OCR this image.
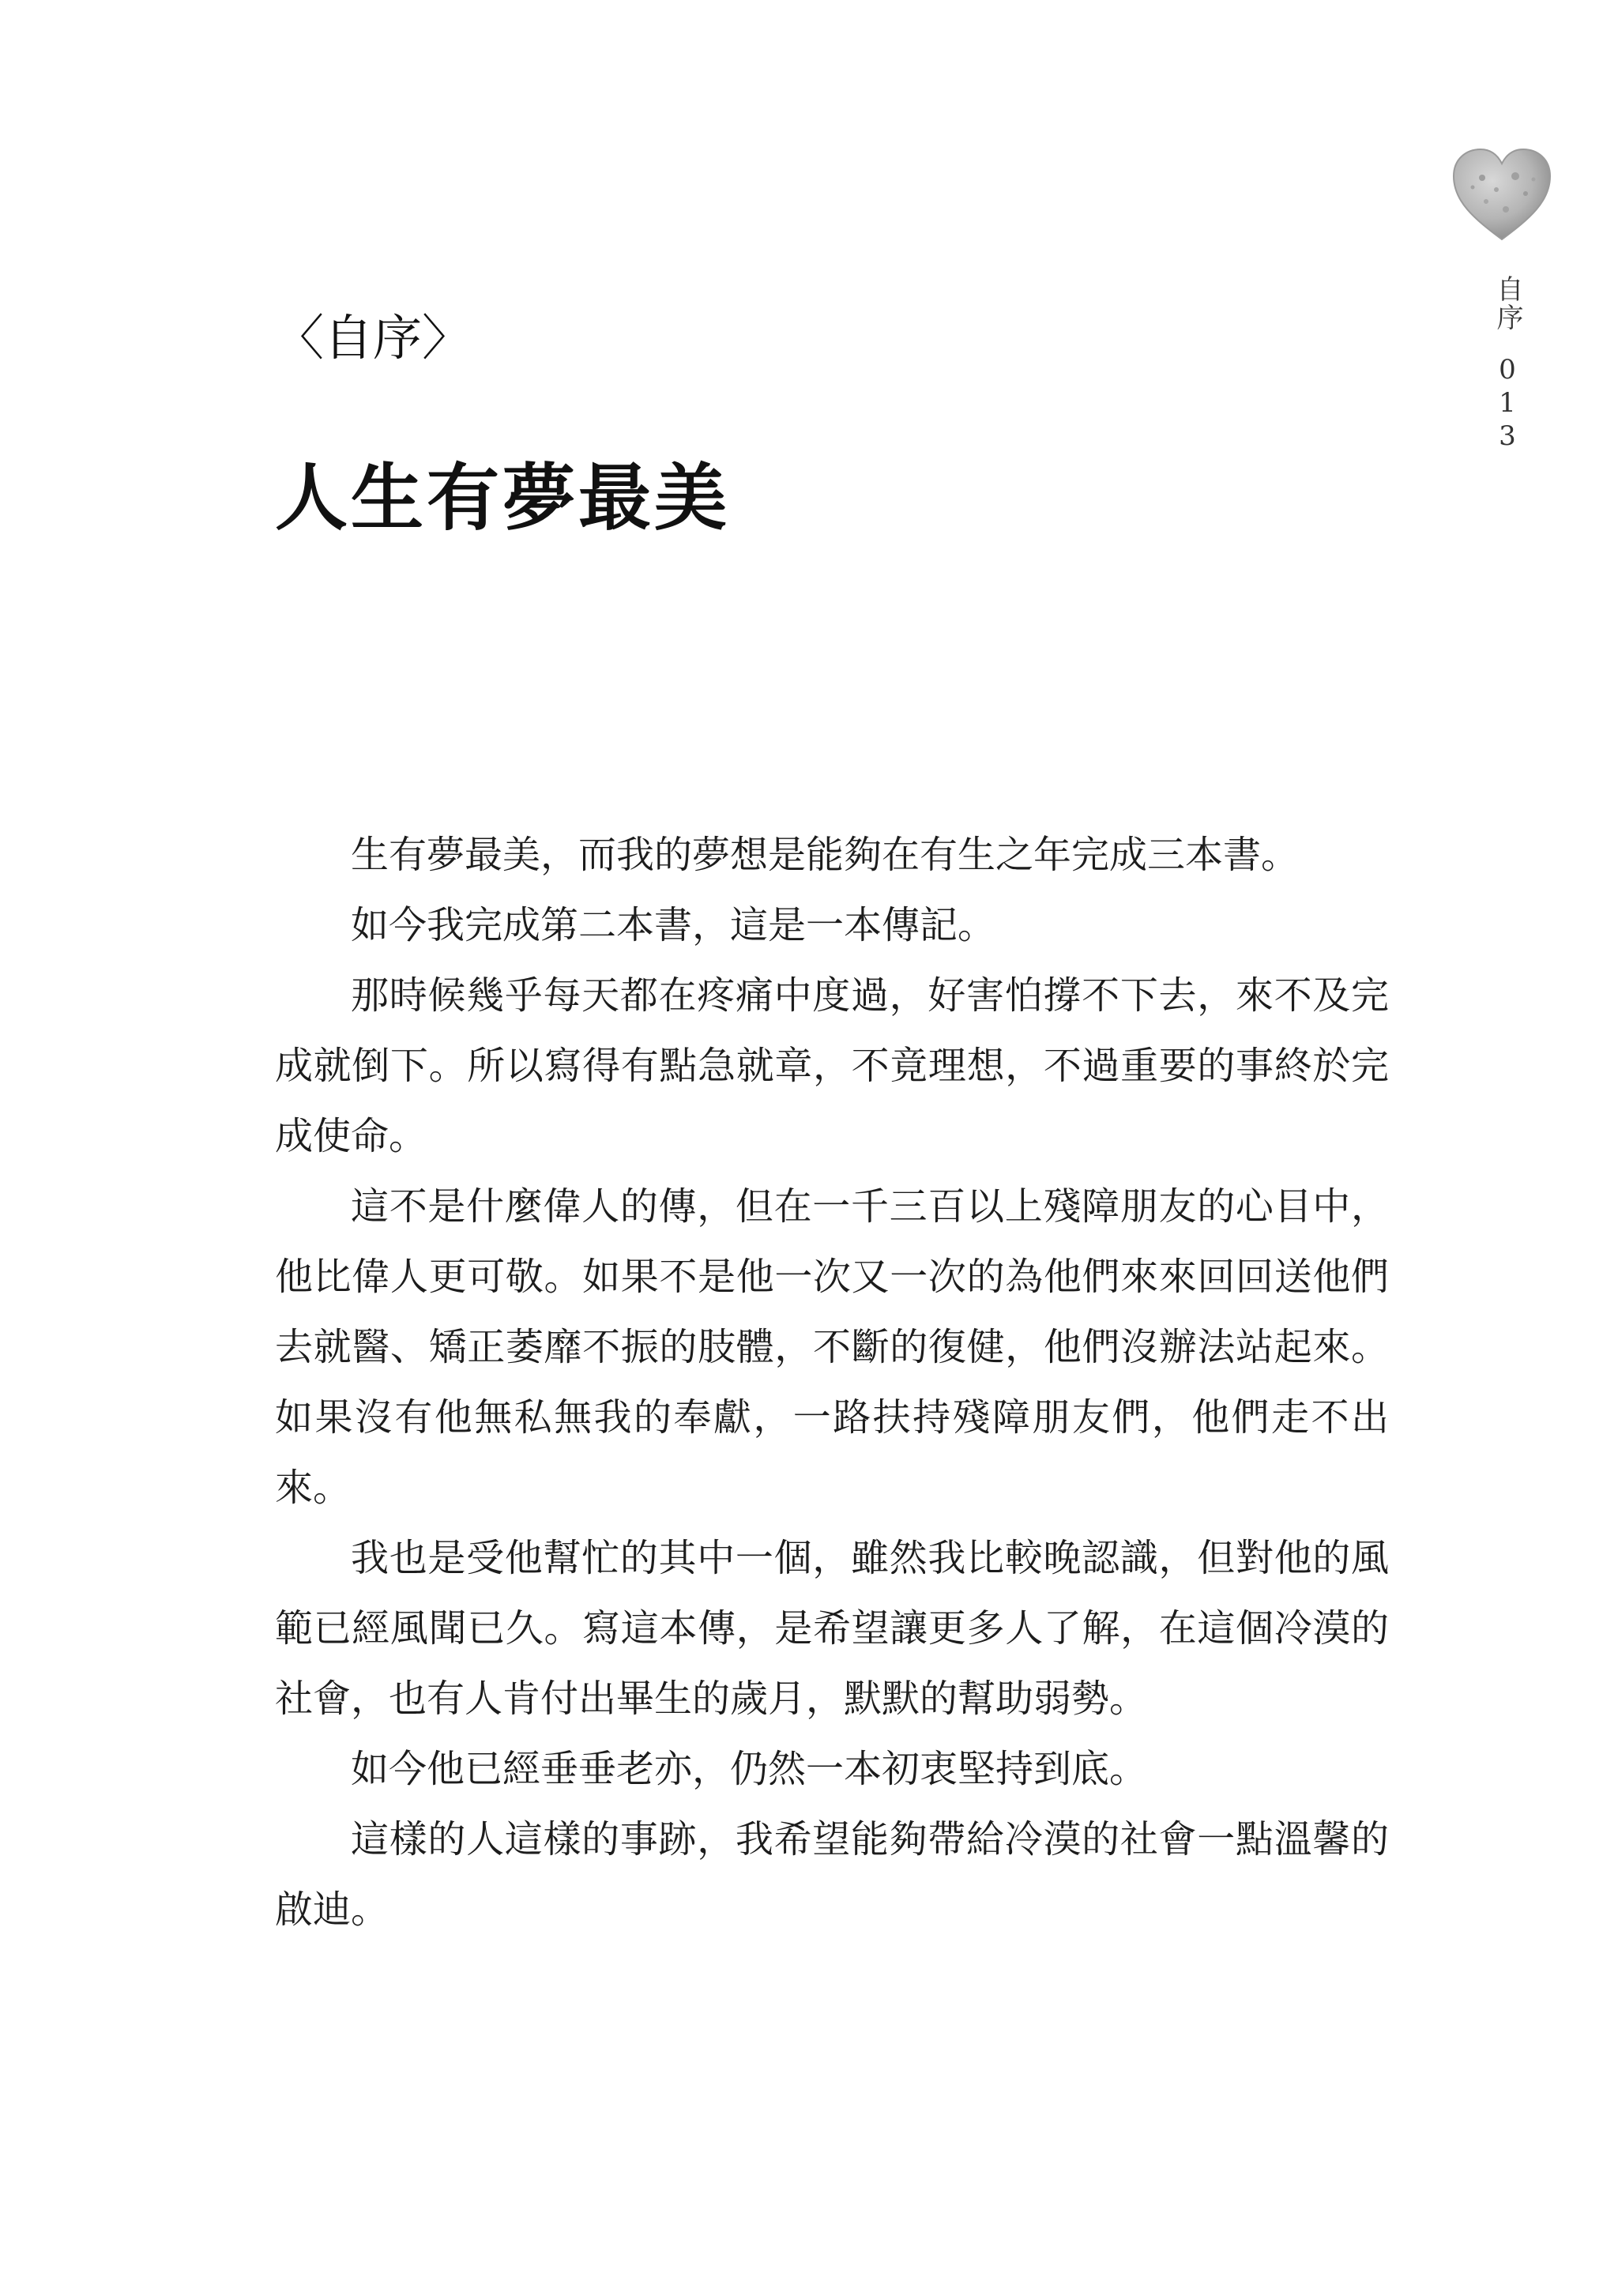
自序
013
〈自序〉
人生有夢最美

生有夢最美，而我的夢想是能夠在有生之年完成三本書。

如今我完成第二本書，這是一本傳記。

那時候幾乎每天都在疼痛中度過，好害怕撐不下去，來不及完成就倒下。所以寫得有點急就章，不竟理想，不過重要的事終於完成使命。

這不是什麼偉人的傳，但在一千三百以上殘障朋友的心目中，他比偉人更可敬。如果不是他一次又一次的為他們來來回回送他們去就醫、矯正萎靡不振的肢體，不斷的復健，他們沒辦法站起來。如果沒有他無私無我的奉獻，一路扶持殘障朋友們，他們走不出來。

我也是受他幫忙的其中一個，雖然我比較晚認識，但對他的風範已經風聞已久。寫這本傳，是希望讓更多人了解，在這個冷漠的社會，也有人肯付出畢生的歲月，默默的幫助弱勢。

如今他已經垂垂老亦，仍然一本初衷堅持到底。

這樣的人這樣的事跡，我希望能夠帶給冷漠的社會一點溫馨的啟迪。
